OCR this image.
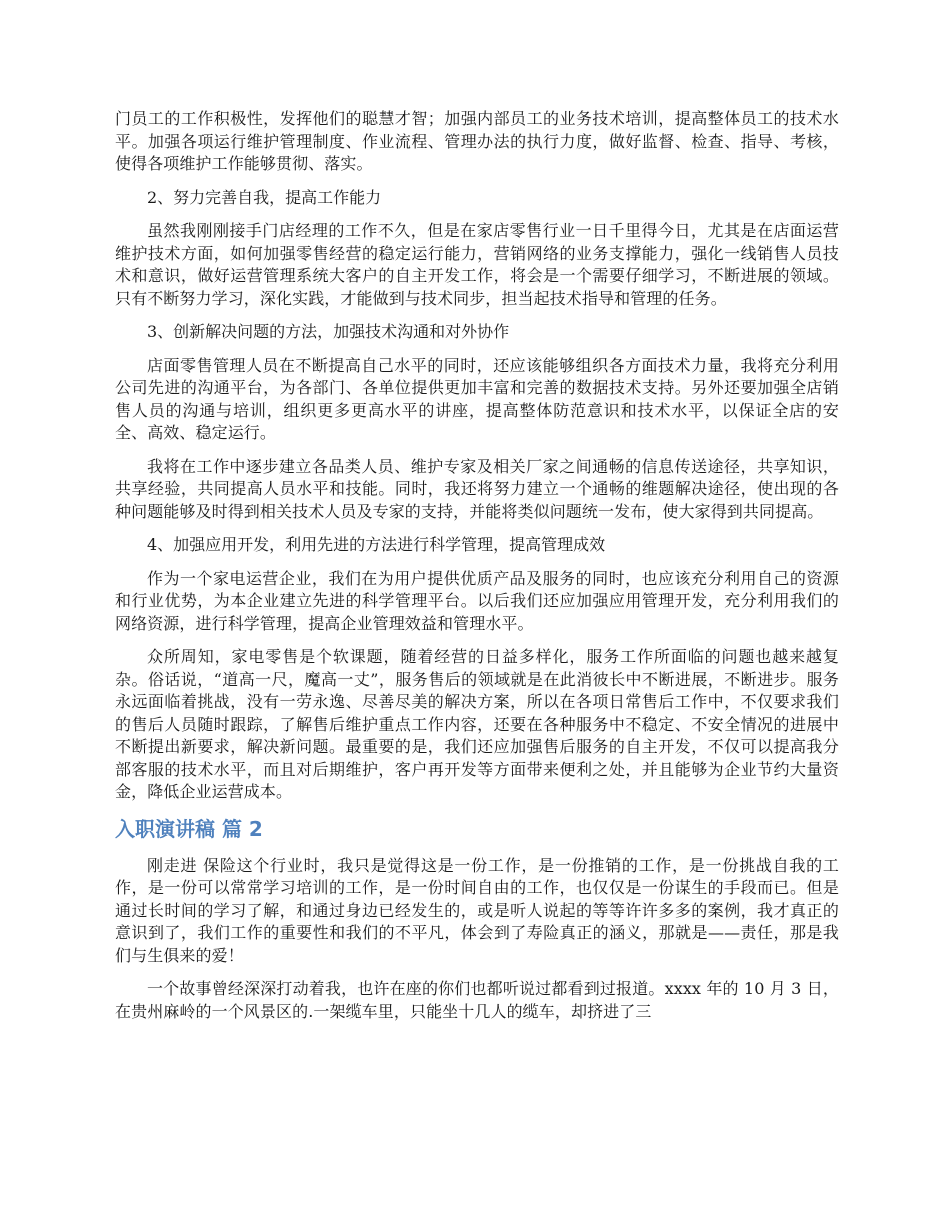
门员工的工作积极性，发挥他们的聪慧才智；加强内部员工的业务技术培训，提高整体员工的技术水平。加强各项运行维护管理制度、作业流程、管理办法的执行力度，做好监督、检查、指导、考核，使得各项维护工作能够贯彻、落实。

2、努力完善自我，提高工作能力

虽然我刚刚接手门店经理的工作不久，但是在家店零售行业一日千里得今日，尤其是在店面运营维护技术方面，如何加强零售经营的稳定运行能力，营销网络的业务支撑能力，强化一线销售人员技术和意识，做好运营管理系统大客户的自主开发工作，将会是一个需要仔细学习，不断进展的领域。只有不断努力学习，深化实践，才能做到与技术同步，担当起技术指导和管理的任务。

3、创新解决问题的方法，加强技术沟通和对外协作

店面零售管理人员在不断提高自己水平的同时，还应该能够组织各方面技术力量，我将充分利用公司先进的沟通平台，为各部门、各单位提供更加丰富和完善的数据技术支持。另外还要加强全店销售人员的沟通与培训，组织更多更高水平的讲座，提高整体防范意识和技术水平，以保证全店的安全、高效、稳定运行。

我将在工作中逐步建立各品类人员、维护专家及相关厂家之间通畅的信息传送途径，共享知识，共享经验，共同提高人员水平和技能。同时，我还将努力建立一个通畅的维题解决途径，使出现的各种问题能够及时得到相关技术人员及专家的支持，并能将类似问题统一发布，使大家得到共同提高。

4、加强应用开发，利用先进的方法进行科学管理，提高管理成效

作为一个家电运营企业，我们在为用户提供优质产品及服务的同时，也应该充分利用自己的资源和行业优势，为本企业建立先进的科学管理平台。以后我们还应加强应用管理开发，充分利用我们的网络资源，进行科学管理，提高企业管理效益和管理水平。

众所周知，家电零售是个软课题，随着经营的日益多样化，服务工作所面临的问题也越来越复杂。俗话说，“道高一尺，魔高一丈”，服务售后的领域就是在此消彼长中不断进展，不断进步。服务永远面临着挑战，没有一劳永逸、尽善尽美的解决方案，所以在各项日常售后工作中，不仅要求我们的售后人员随时跟踪，了解售后维护重点工作内容，还要在各种服务中不稳定、不安全情况的进展中不断提出新要求，解决新问题。最重要的是，我们还应加强售后服务的自主开发，不仅可以提高我分部客服的技术水平，而且对后期维护，客户再开发等方面带来便利之处，并且能够为企业节约大量资金，降低企业运营成本。

入职演讲稿 篇 2

刚走进 保险这个行业时，我只是觉得这是一份工作，是一份推销的工作，是一份挑战自我的工作，是一份可以常常学习培训的工作，是一份时间自由的工作，也仅仅是一份谋生的手段而已。但是通过长时间的学习了解，和通过身边已经发生的，或是听人说起的等等许许多多的案例，我才真正的意识到了，我们工作的重要性和我们的不平凡，体会到了寿险真正的涵义，那就是——责任，那是我们与生俱来的爱！

一个故事曾经深深打动着我，也许在座的你们也都听说过都看到过报道。xxxx 年的 10 月 3 日，在贵州麻岭的一个风景区的.一架缆车里，只能坐十几人的缆车，却挤进了三
